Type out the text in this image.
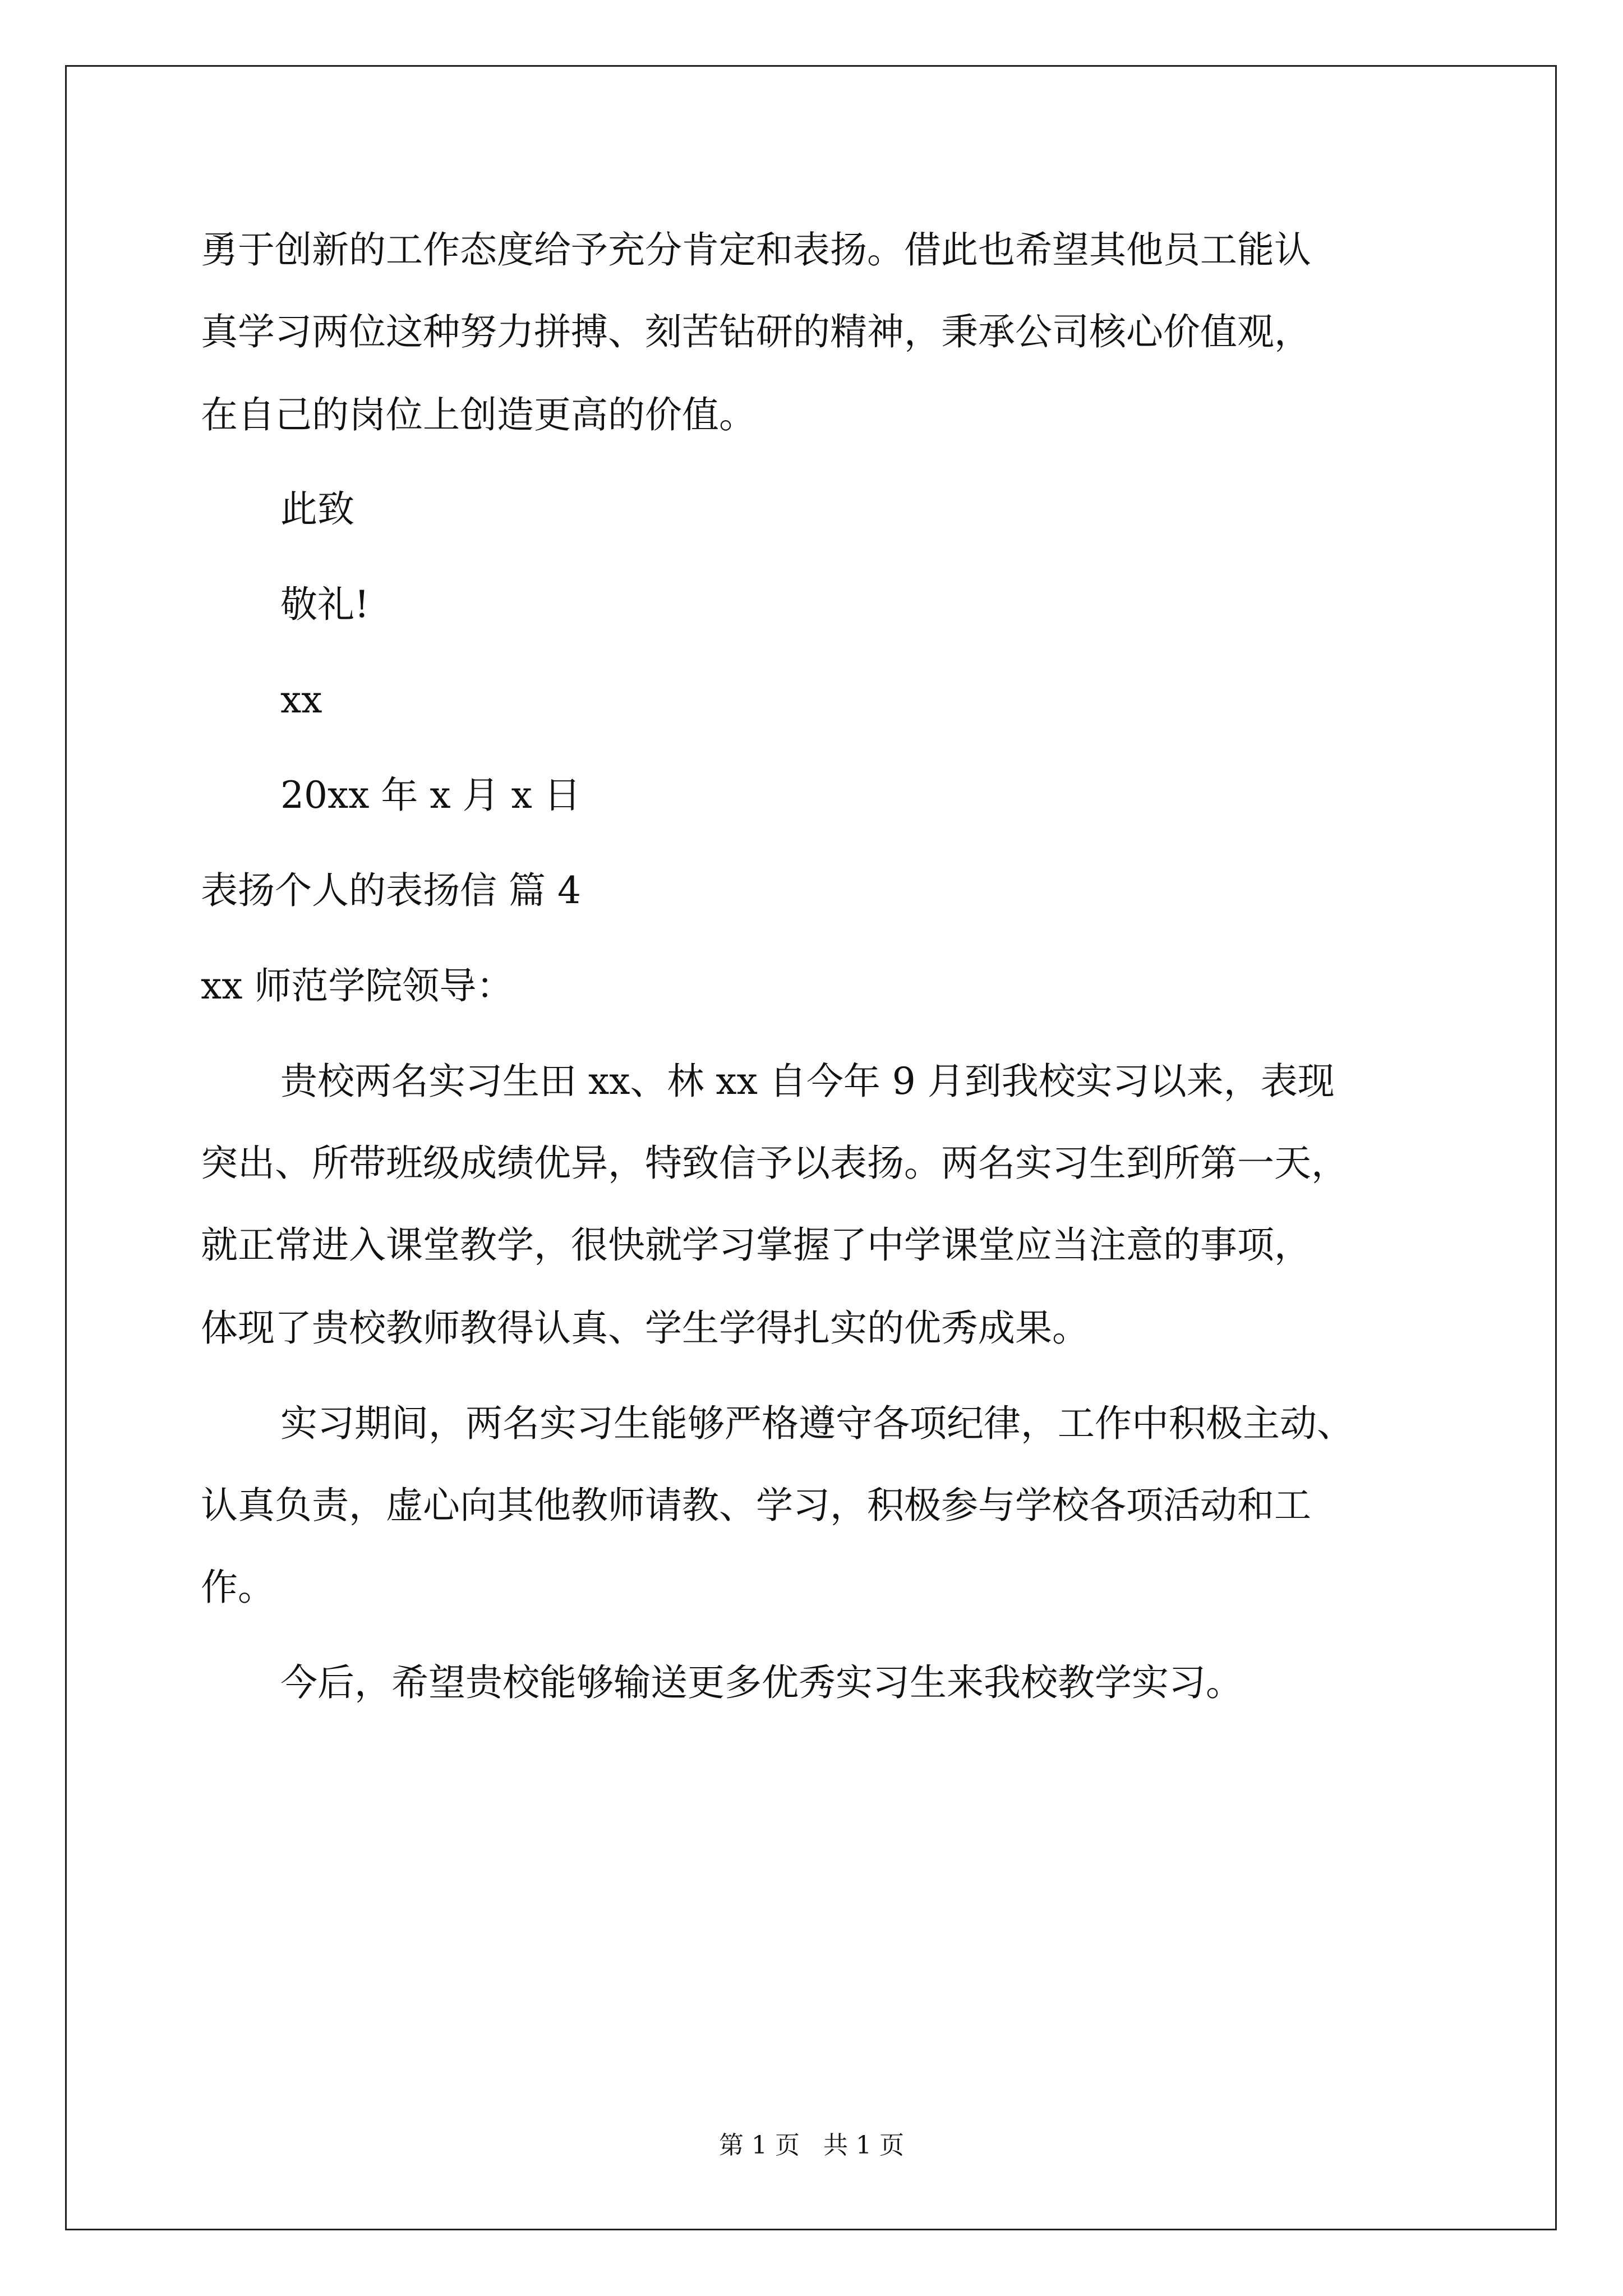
勇于创新的工作态度给予充分肯定和表扬。借此也希望其他员工能认
真学习两位这种努力拼搏、刻苦钻研的精神，秉承公司核心价值观，
在自己的岗位上创造更高的价值。
此致
敬礼!
xx
20xx 年 x 月 x 日
表扬个人的表扬信 篇 4
xx 师范学院领导：
贵校两名实习生田 xx、林 xx 自今年 9 月到我校实习以来，表现
突出、所带班级成绩优异，特致信予以表扬。两名实习生到所第一天，
就正常进入课堂教学，很快就学习掌握了中学课堂应当注意的事项，
体现了贵校教师教得认真、学生学得扎实的优秀成果。
实习期间，两名实习生能够严格遵守各项纪律，工作中积极主动、
认真负责，虚心向其他教师请教、学习，积极参与学校各项活动和工
作。
今后，希望贵校能够输送更多优秀实习生来我校教学实习。
第 1 页   共 1 页
